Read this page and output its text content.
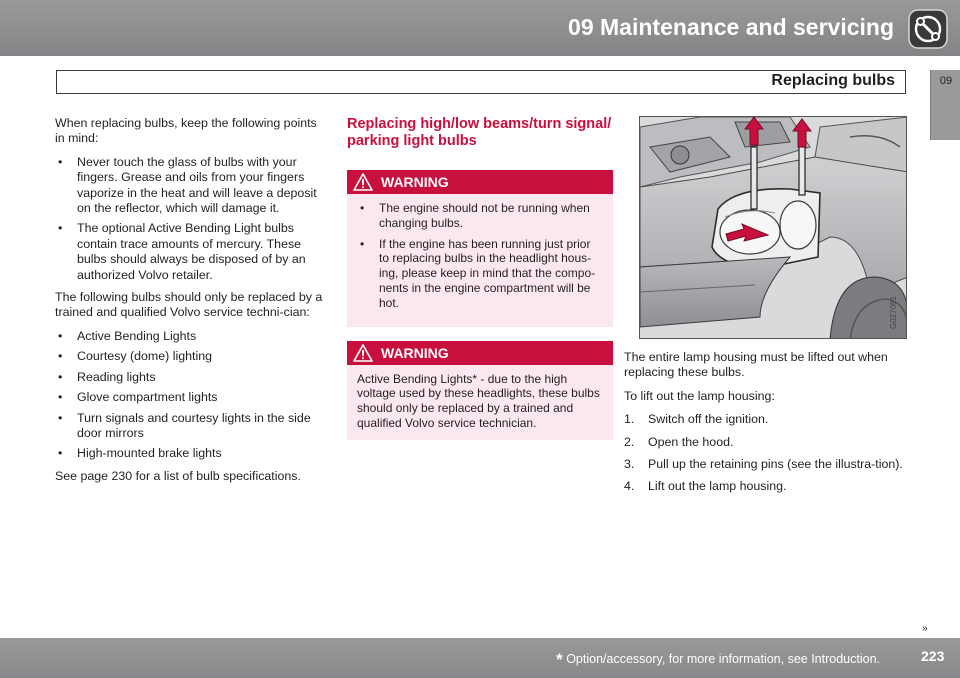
09 Maintenance and servicing
Replacing bulbs	09

When replacing bulbs, keep the following points in mind:

• Never touch the glass of bulbs with your fingers. Grease and oils from your fingers vaporize in the heat and will leave a deposit on the reflector, which will damage it.
• The optional Active Bending Light bulbs contain trace amounts of mercury. These bulbs should always be disposed of by an authorized Volvo retailer.

The following bulbs should only be replaced by a trained and qualified Volvo service techni-cian:

• Active Bending Lights
• Courtesy (dome) lighting
• Reading lights
• Glove compartment lights
• Turn signals and courtesy lights in the side door mirrors
• High-mounted brake lights

See page 230 for a list of bulb specifications.

Replacing high/low beams/turn signal/ parking light bulbs
WARNING
• The engine should not be running when changing bulbs.
• If the engine has been running just prior to replacing bulbs in the headlight hous-ing, please keep in mind that the compo-nents in the engine compartment will be hot.
WARNING

Active Bending Lights* - due to the high voltage used by these headlights, these bulbs should only be replaced by a trained and qualified Volvo service technician.

G027081

The entire lamp housing must be lifted out when replacing these bulbs.

To lift out the lamp housing:

1. Switch off the ignition.
2. Open the hood.
3. Pull up the retaining pins (see the illustra-tion).
4. Lift out the lamp housing.
››
* Option/accessory, for more information, see Introduction.	223
